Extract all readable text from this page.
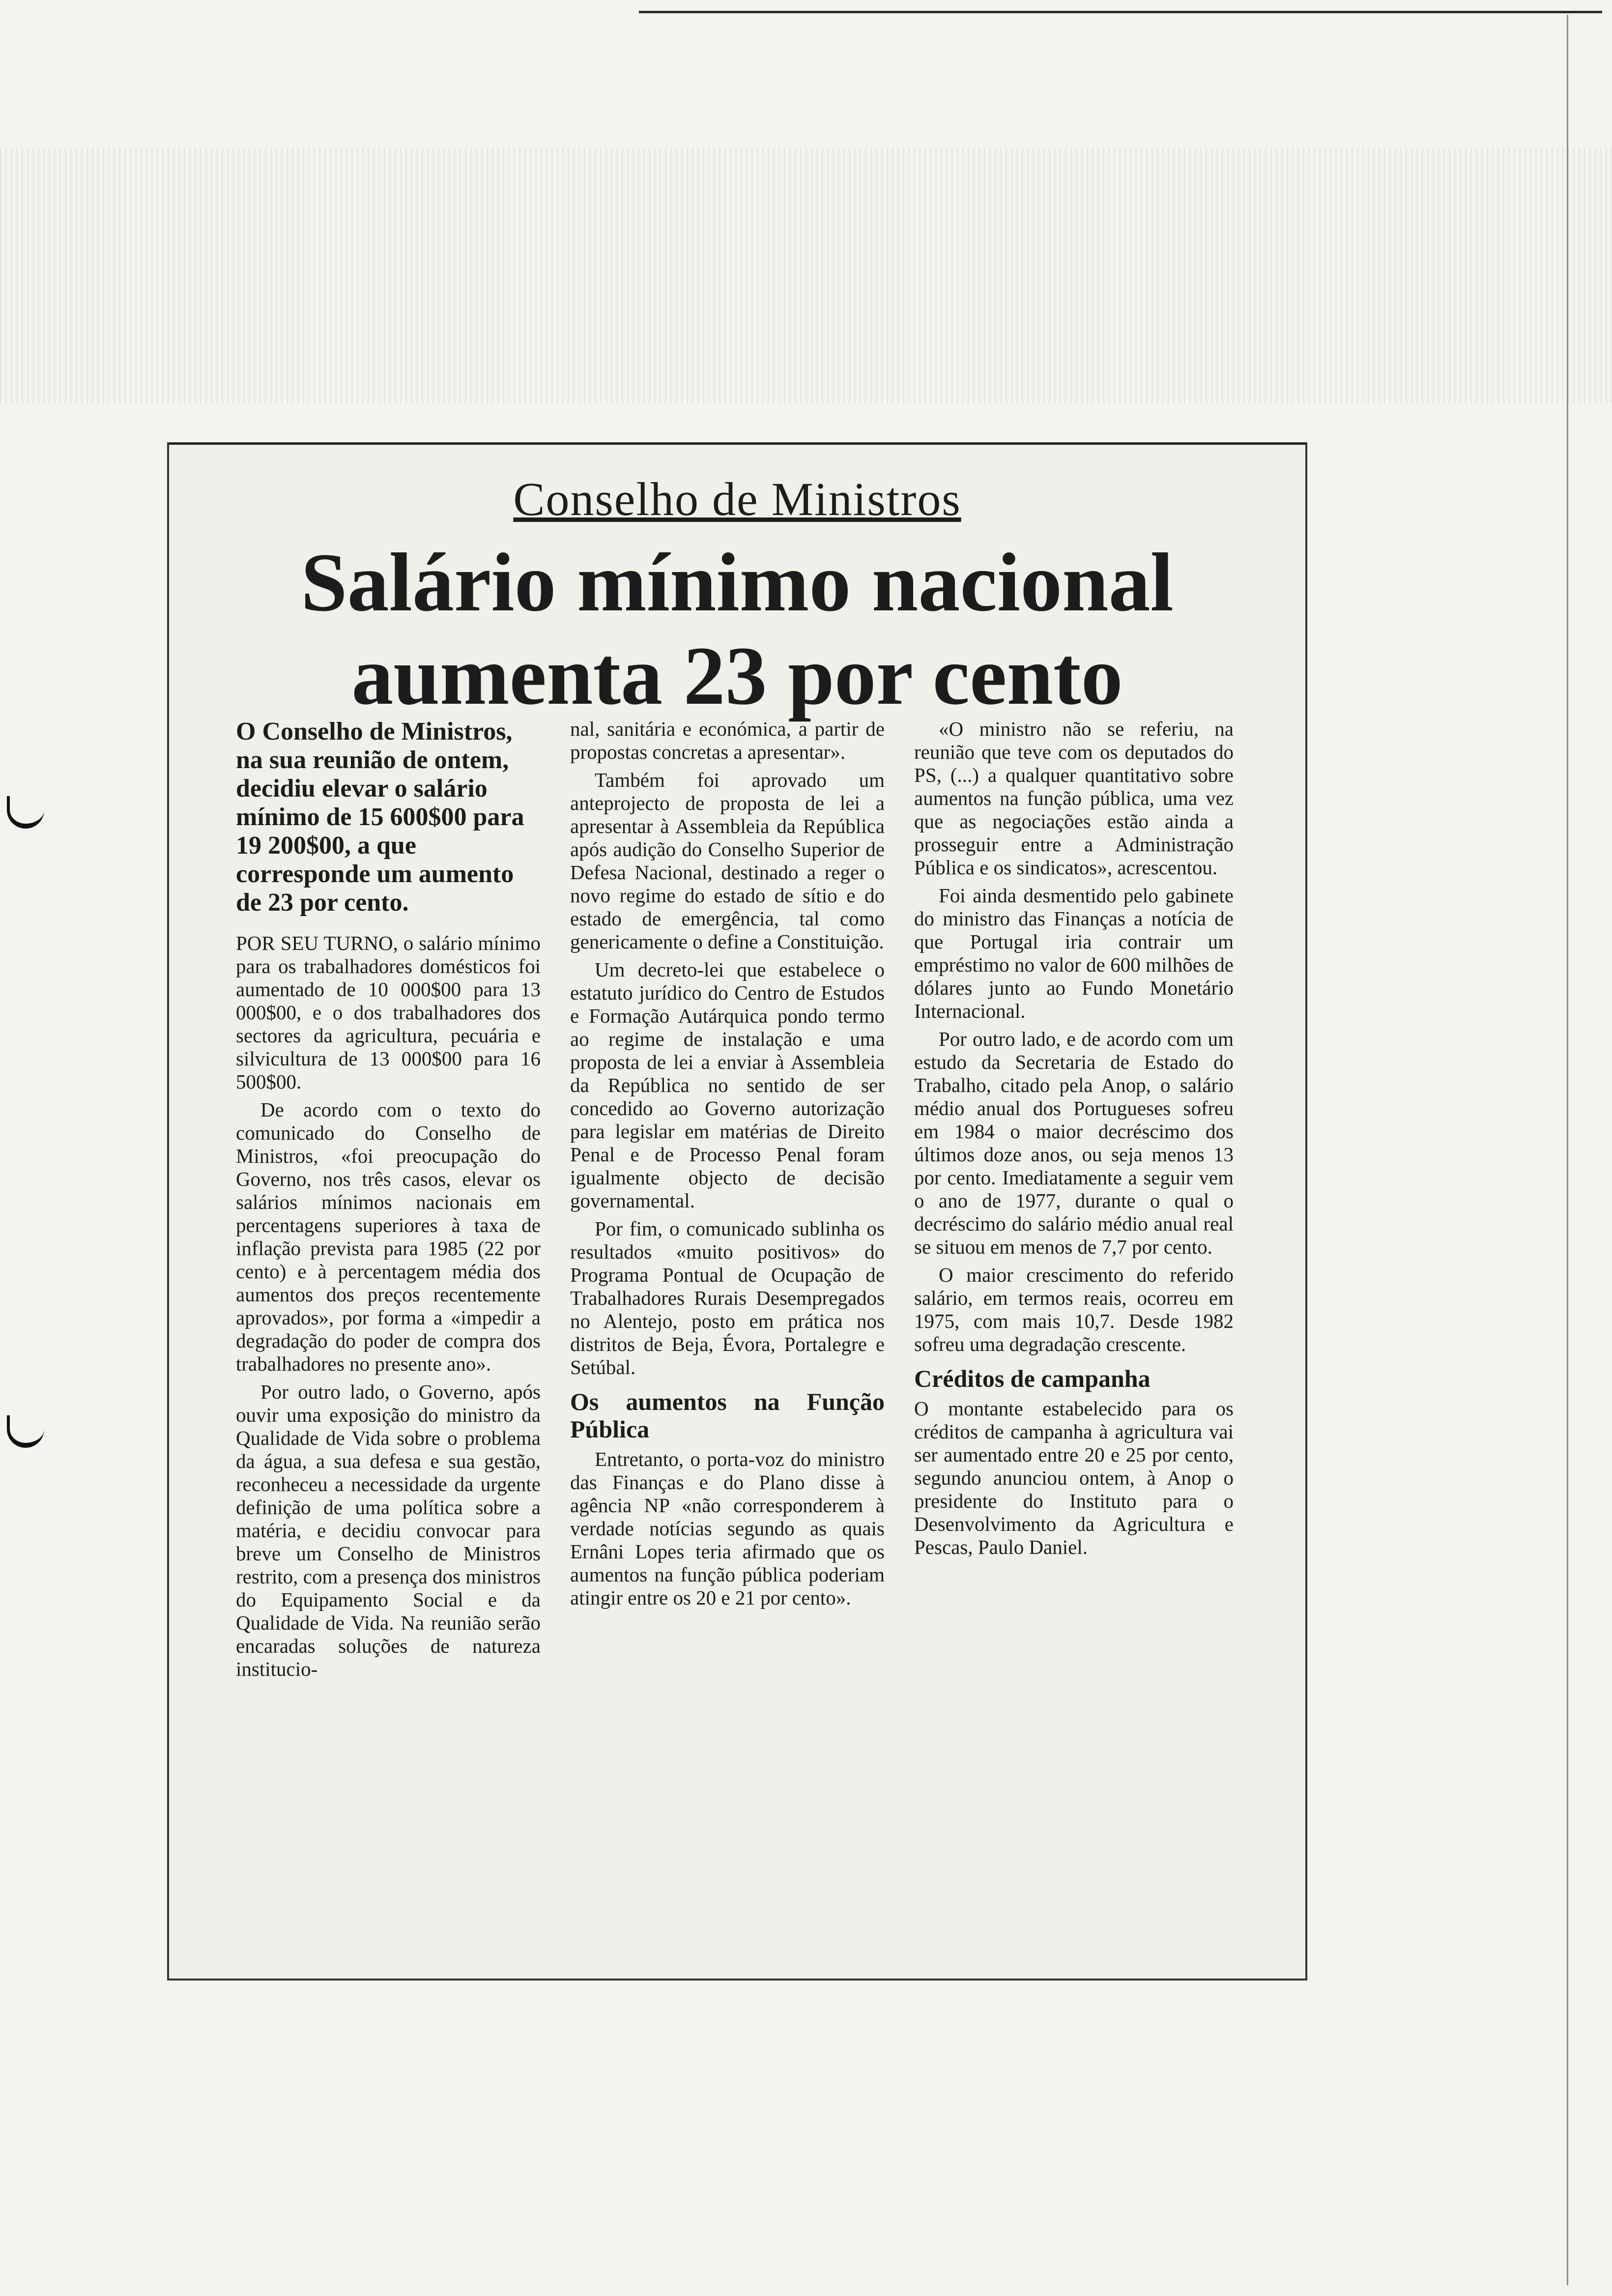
Conselho de Ministros
Salário mínimo nacional
aumenta 23 por cento

O Conselho de Ministros, na sua reunião de ontem, decidiu elevar o salário mínimo de 15 600$00 para 19 200$00, a que corresponde um aumento de 23 por cento.

POR SEU TURNO, o salário mínimo para os trabalhadores domésticos foi aumentado de 10 000$00 para 13 000$00, e o dos trabalhadores dos sectores da agricultura, pecuária e silvicultura de 13 000$00 para 16 500$00.

De acordo com o texto do comunicado do Conselho de Ministros, «foi preocupação do Governo, nos três casos, elevar os salários mínimos nacionais em percentagens superiores à taxa de inflação prevista para 1985 (22 por cento) e à percentagem média dos aumentos dos preços recentemente aprovados», por forma a «impedir a degradação do poder de compra dos trabalhadores no presente ano».

Por outro lado, o Governo, após ouvir uma exposição do ministro da Qualidade de Vida sobre o problema da água, a sua defesa e sua gestão, reconheceu a necessidade da urgente definição de uma política sobre a matéria, e decidiu convocar para breve um Conselho de Ministros restrito, com a presença dos ministros do Equipamento Social e da Qualidade de Vida. Na reunião serão encaradas soluções de natureza institucio-

nal, sanitária e económica, a partir de propostas concretas a apresentar».

Também foi aprovado um anteprojecto de proposta de lei a apresentar à Assembleia da República após audição do Conselho Superior de Defesa Nacional, destinado a reger o novo regime do estado de sítio e do estado de emergência, tal como genericamente o define a Constituição.

Um decreto-lei que estabelece o estatuto jurídico do Centro de Estudos e Formação Autárquica pondo termo ao regime de instalação e uma proposta de lei a enviar à Assembleia da República no sentido de ser concedido ao Governo autorização para legislar em matérias de Direito Penal e de Processo Penal foram igualmente objecto de decisão governamental.

Por fim, o comunicado sublinha os resultados «muito positivos» do Programa Pontual de Ocupação de Trabalhadores Rurais Desempregados no Alentejo, posto em prática nos distritos de Beja, Évora, Portalegre e Setúbal.

Os aumentos na Função Pública

Entretanto, o porta-voz do ministro das Finanças e do Plano disse à agência NP «não corresponderem à verdade notícias segundo as quais Ernâni Lopes teria afirmado que os aumentos na função pública poderiam atingir entre os 20 e 21 por cento».

«O ministro não se referiu, na reunião que teve com os deputados do PS, (...) a qualquer quantitativo sobre aumentos na função pública, uma vez que as negociações estão ainda a prosseguir entre a Administração Pública e os sindicatos», acrescentou.

Foi ainda desmentido pelo gabinete do ministro das Finanças a notícia de que Portugal iria contrair um empréstimo no valor de 600 milhões de dólares junto ao Fundo Monetário Internacional.

Por outro lado, e de acordo com um estudo da Secretaria de Estado do Trabalho, citado pela Anop, o salário médio anual dos Portugueses sofreu em 1984 o maior decréscimo dos últimos doze anos, ou seja menos 13 por cento. Imediatamente a seguir vem o ano de 1977, durante o qual o decréscimo do salário médio anual real se situou em menos de 7,7 por cento.

O maior crescimento do referido salário, em termos reais, ocorreu em 1975, com mais 10,7. Desde 1982 sofreu uma degradação crescente.

Créditos de campanha

O montante estabelecido para os créditos de campanha à agricultura vai ser aumentado entre 20 e 25 por cento, segundo anunciou ontem, à Anop o presidente do Instituto para o Desenvolvimento da Agricultura e Pescas, Paulo Daniel.
